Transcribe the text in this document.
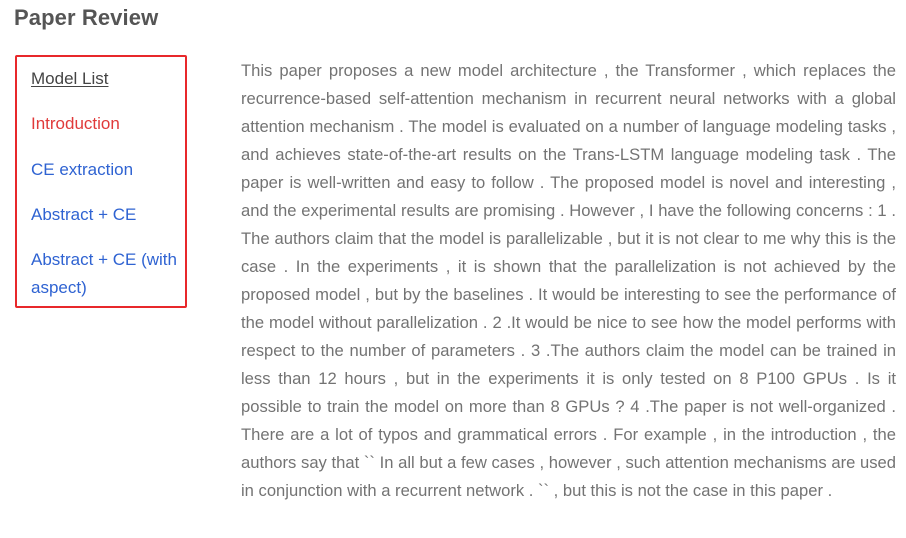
Paper Review
Model List
Introduction
CE extraction
Abstract + CE
Abstract + CE (with aspect)

This paper proposes a new model architecture , the Transformer , which replaces the recurrence-based self-attention mechanism in recurrent neural networks with a global attention mechanism . The model is evaluated on a number of language modeling tasks , and achieves state-of-the-art results on the Trans-LSTM language modeling task . The paper is well-written and easy to follow . The proposed model is novel and interesting , and the experimental results are promising . However , I have the following concerns : 1 . The authors claim that the model is parallelizable , but it is not clear to me why this is the case . In the experiments , it is shown that the parallelization is not achieved by the proposed model , but by the baselines . It would be interesting to see the performance of the model without parallelization . 2 .It would be nice to see how the model performs with respect to the number of parameters . 3 .The authors claim the model can be trained in less than 12 hours , but in the experiments it is only tested on 8 P100 GPUs . Is it possible to train the model on more than 8 GPUs ? 4 .The paper is not well-organized . There are a lot of typos and grammatical errors . For example , in the introduction , the authors say that `` In all but a few cases , however , such attention mechanisms are used in conjunction with a recurrent network . `` , but this is not the case in this paper .
